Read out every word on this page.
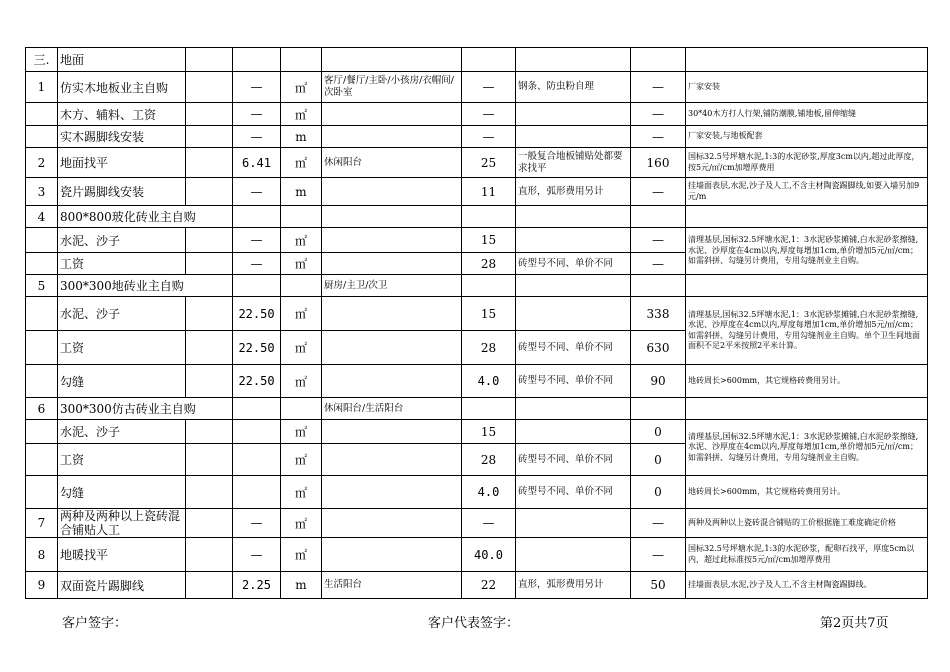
三.	地面								
1	仿实木地板业主自购		—	㎡	客厅/餐厅/主卧/小孩房/衣帽间/次卧室	—	钢条、防虫粉自理	—	厂家安装
	木方、辅料、工资		—	㎡		—		—	30*40木方打人行架,铺防潮膜,铺地板,留伸缩缝
	实木踢脚线安装		—	m		—		—	厂家安装,与地板配套
2	地面找平		6.41	㎡	休闲阳台	25	一般复合地板铺贴处都要求找平	160	国标32.5号坪塘水泥,1:3的水泥砂浆,厚度3cm以内,超过此厚度，按5元/㎡/cm加增厚费用
3	瓷片踢脚线安装		—	m		11	直形，弧形费用另计	—	挂墙面表层,水泥,沙子及人工,不含主材陶瓷踢脚线,如要入墙另加9元/m
4	800*800玻化砖业主自购								
	水泥、沙子		—	㎡		15		—	清理基层,国标32.5坪塘水泥,1：3水泥砂浆摊铺,白水泥砂浆擦缝,水泥、沙厚度在4cm以内,厚度每增加1cm,单价增加5元/㎡/cm；如需斜拼、勾缝另计费用，专用勾缝剂业主自购。
	工资		—	㎡		28	砖型号不同、单价不同	—	
5	300*300地砖业主自购				厨房/主卫/次卫				
	水泥、沙子		22.50	㎡		15		338	清理基层,国标32.5坪塘水泥,1：3水泥砂浆摊铺,白水泥砂浆擦缝,水泥、沙厚度在4cm以内,厚度每增加1cm,单价增加5元/㎡/cm；如需斜拼、勾缝另计费用，专用勾缝剂业主自购。单个卫生间地面面积不足2平米按照2平米计算。
	工资		22.50	㎡		28	砖型号不同、单价不同	630	
	勾缝		22.50	㎡		4.0	砖型号不同、单价不同	90	地砖周长>600mm，其它规格砖费用另计。
6	300*300仿古砖业主自购				休闲阳台/生活阳台				
	水泥、沙子			㎡		15		0	清理基层,国标32.5坪塘水泥,1：3水泥砂浆摊铺,白水泥砂浆擦缝,水泥、沙厚度在4cm以内,厚度每增加1cm,单价增加5元/㎡/cm；如需斜拼、勾缝另计费用，专用勾缝剂业主自购。
	工资			㎡		28	砖型号不同、单价不同	0	
	勾缝			㎡		4.0	砖型号不同、单价不同	0	地砖周长>600mm，其它规格砖费用另计。
7	两种及两种以上瓷砖混合铺贴人工		—	㎡		—		—	两种及两种以上瓷砖混合铺贴的工价根据施工难度确定价格
8	地暖找平		—	㎡		40.0		—	国标32.5号坪塘水泥,1:3的水泥砂浆，配卵石找平，厚度5cm以内，超过此标准按5元/㎡/cm加增厚费用
9	双面瓷片踢脚线		2.25	m	生活阳台	22	直形，弧形费用另计	50	挂墙面表层,水泥,沙子及人工,不含主材陶瓷踢脚线。
客户签字：	客户代表签字：	第2页共7页
